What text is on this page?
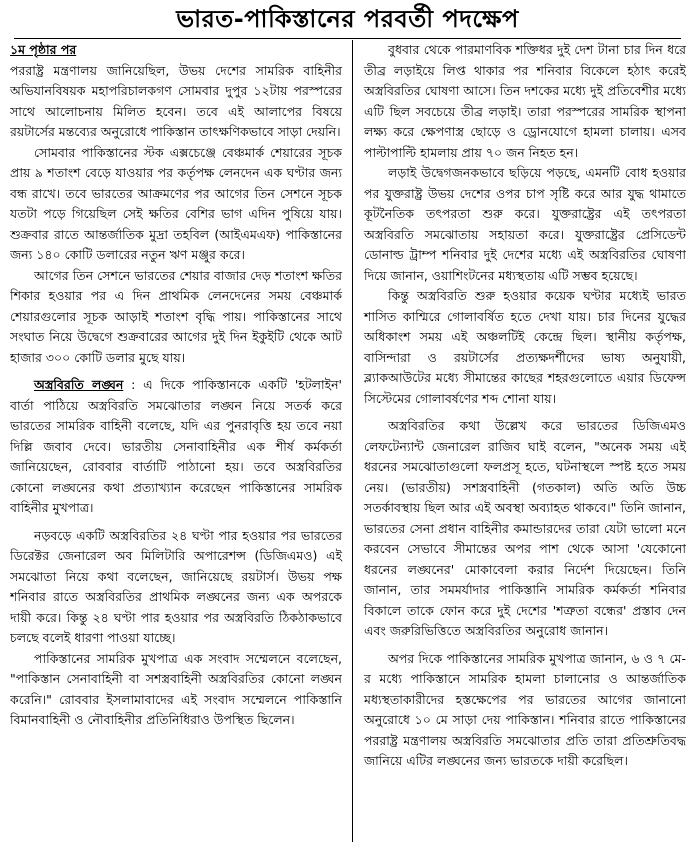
ভারত-পাকিস্তানের পরবর্তী পদক্ষেপ

১ম পৃষ্ঠার পর

পররাষ্ট্র মন্ত্রণালয় জানিয়েছিল, উভয় দেশের সামরিক বাহিনীর অভিযানবিষয়ক মহাপরিচালকগণ সোমবার দুপুর ১২টায় পরস্পরের সাথে আলোচনায় মিলিত হবেন। তবে এই আলাপের বিষয়ে রয়টার্সের মন্তব্যের অনুরোধে পাকিস্তান তাৎক্ষণিকভাবে সাড়া দেয়নি।

সোমবার পাকিস্তানের স্টক এক্সচেঞ্জে বেঞ্চমার্ক শেয়ারের সূচক প্রায় ৯ শতাংশ বেড়ে যাওয়ার পর কর্তৃপক্ষ লেনদেন এক ঘণ্টার জন্য বন্ধ রাখে। তবে ভারতের আক্রমণের পর আগের তিন সেশনে সূচক যতটা পড়ে গিয়েছিল সেই ক্ষতির বেশির ভাগ এদিন পুষিয়ে যায়। শুক্রবার রাতে আন্তর্জাতিক মুদ্রা তহবিল (আইএমএফ) পাকিস্তানের জন্য ১৪০ কোটি ডলারের নতুন ঋণ মঞ্জুর করে।

আগের তিন সেশনে ভারতের শেয়ার বাজার দেড় শতাংশ ক্ষতির শিকার হওয়ার পর এ দিন প্রাথমিক লেনদেনের সময় বেঞ্চমার্ক শেয়ারগুলোর সূচক আড়াই শতাংশ বৃদ্ধি পায়। পাকিস্তানের সাথে সংঘাত নিয়ে উদ্বেগে শুক্রবারের আগের দুই দিন ইকুইটি থেকে আট হাজার ৩০০ কোটি ডলার মুছে যায়।

অস্ত্রবিরতি লঙ্ঘন : এ দিকে পাকিস্তানকে একটি 'হটলাইন' বার্তা পাঠিয়ে অস্ত্রবিরতি সমঝোতার লঙ্ঘন নিয়ে সতর্ক করে ভারতের সামরিক বাহিনী বলেছে, যদি এর পুনরাবৃত্তি হয় তবে নয়া দিল্লি জবাব দেবে। ভারতীয় সেনাবাহিনীর এক শীর্ষ কর্মকর্তা জানিয়েছেন, রোববার বার্তাটি পাঠানো হয়। তবে অস্ত্রবিরতির কোনো লঙ্ঘনের কথা প্রত্যাখ্যান করেছেন পাকিস্তানের সামরিক বাহিনীর মুখপাত্র।

নড়বড়ে একটি অস্ত্রবিরতির ২৪ ঘণ্টা পার হওয়ার পর ভারতের ডিরেক্টর জেনারেল অব মিলিটারি অপারেশন্স (ডিজিএমও) এই সমঝোতা নিয়ে কথা বলেছেন, জানিয়েছে রয়টার্স। উভয় পক্ষ শনিবার রাতে অস্ত্রবিরতির প্রাথমিক লঙ্ঘনের জন্য এক অপরকে দায়ী করে। কিন্তু ২৪ ঘণ্টা পার হওয়ার পর অস্ত্রবিরতি ঠিকঠাকভাবে চলছে বলেই ধারণা পাওয়া যাচ্ছে।

পাকিস্তানের সামরিক মুখপাত্র এক সংবাদ সম্মেলনে বলেছেন, "পাকিস্তান সেনাবাহিনী বা সশস্ত্রবাহিনী অস্ত্রবিরতির কোনো লঙ্ঘন করেনি।" রোববার ইসলামাবাদের এই সংবাদ সম্মেলনে পাকিস্তানি বিমানবাহিনী ও নৌবাহিনীর প্রতিনিধিরাও উপস্থিত ছিলেন।

বুধবার থেকে পারমাণবিক শক্তিধর দুই দেশ টানা চার দিন ধরে তীব্র লড়াইয়ে লিপ্ত থাকার পর শনিবার বিকেলে হঠাৎ করেই অস্ত্রবিরতির ঘোষণা আসে। তিন দশকের মধ্যে দুই প্রতিবেশীর মধ্যে এটি ছিল সবচেয়ে তীব্র লড়াই। তারা পরস্পরের সামরিক স্থাপনা লক্ষ্য করে ক্ষেপণাস্ত্র ছোড়ে ও ড্রোনযোগে হামলা চালায়। এসব পাল্টাপাল্টি হামলায় প্রায় ৭০ জন নিহত হন।

লড়াই উদ্বেগজনকভাবে ছড়িয়ে পড়ছে, এমনটি বোধ হওয়ার পর যুক্তরাষ্ট্র উভয় দেশের ওপর চাপ সৃষ্টি করে আর যুদ্ধ থামাতে কূটনৈতিক তৎপরতা শুরু করে। যুক্তরাষ্ট্রের এই তৎপরতা অস্ত্রবিরতি সমঝোতায় সহায়তা করে। যুক্তরাষ্ট্রের প্রেসিডেন্ট ডোনাল্ড ট্রাম্প শনিবার দুই দেশের মধ্যে এই অস্ত্রবিরতির ঘোষণা দিয়ে জানান, ওয়াশিংটনের মধ্যস্থতায় এটি সম্ভব হয়েছে।

কিন্তু অস্ত্রবিরতি শুরু হওয়ার কয়েক ঘণ্টার মধ্যেই ভারত শাসিত কাশ্মিরে গোলাবর্ষিত হতে দেখা যায়। চার দিনের যুদ্ধের অধিকাংশ সময় এই অঞ্চলটিই কেন্দ্রে ছিল। স্থানীয় কর্তৃপক্ষ, বাসিন্দারা ও রয়টার্সের প্রত্যক্ষদর্শীদের ভাষ্য অনুযায়ী, ব্ল্যাকআউটের মধ্যে সীমান্তের কাছের শহরগুলোতে এয়ার ডিফেন্স সিস্টেমের গোলাবর্ষণের শব্দ শোনা যায়।

অস্ত্রবিরতির কথা উল্লেখ করে ভারতের ডিজিএমও লেফটেন্যান্ট জেনারেল রাজিব ঘাই বলেন, "অনেক সময় এই ধরনের সমঝোতাগুলো ফলপ্রসূ হতে, ঘটনাস্থলে স্পষ্ট হতে সময় নেয়। (ভারতীয়) সশস্ত্রবাহিনী (গতকাল) অতি অতি উচ্চ সতর্কাবস্থায় ছিল আর এই অবস্থা অব্যাহত থাকবে।" তিনি জানান, ভারতের সেনা প্রধান বাহিনীর কমান্ডারদের তারা যেটা ভালো মনে করবেন সেভাবে সীমান্তের অপর পাশ থেকে আসা 'যেকোনো ধরনের লঙ্ঘনের' মোকাবেলা করার নির্দেশ দিয়েছেন। তিনি জানান, তার সমমর্যাদার পাকিস্তানি সামরিক কর্মকর্তা শনিবার বিকালে তাকে ফোন করে দুই দেশের 'শত্রুতা বন্ধের' প্রস্তাব দেন এবং জরুরিভিত্তিতে অস্ত্রবিরতির অনুরোধ জানান।

অপর দিকে পাকিস্তানের সামরিক মুখপাত্র জানান, ৬ ও ৭ মে-র মধ্যে পাকিস্তানে সামরিক হামলা চালানোর ও আন্তর্জাতিক মধ্যস্থতাকারীদের হস্তক্ষেপের পর ভারতের আগের জানানো অনুরোধে ১০ মে সাড়া দেয় পাকিস্তান। শনিবার রাতে পাকিস্তানের পররাষ্ট্র মন্ত্রণালয় অস্ত্রবিরতি সমঝোতার প্রতি তারা প্রতিশ্রুতিবদ্ধ জানিয়ে এটির লঙ্ঘনের জন্য ভারতকে দায়ী করেছিল।
